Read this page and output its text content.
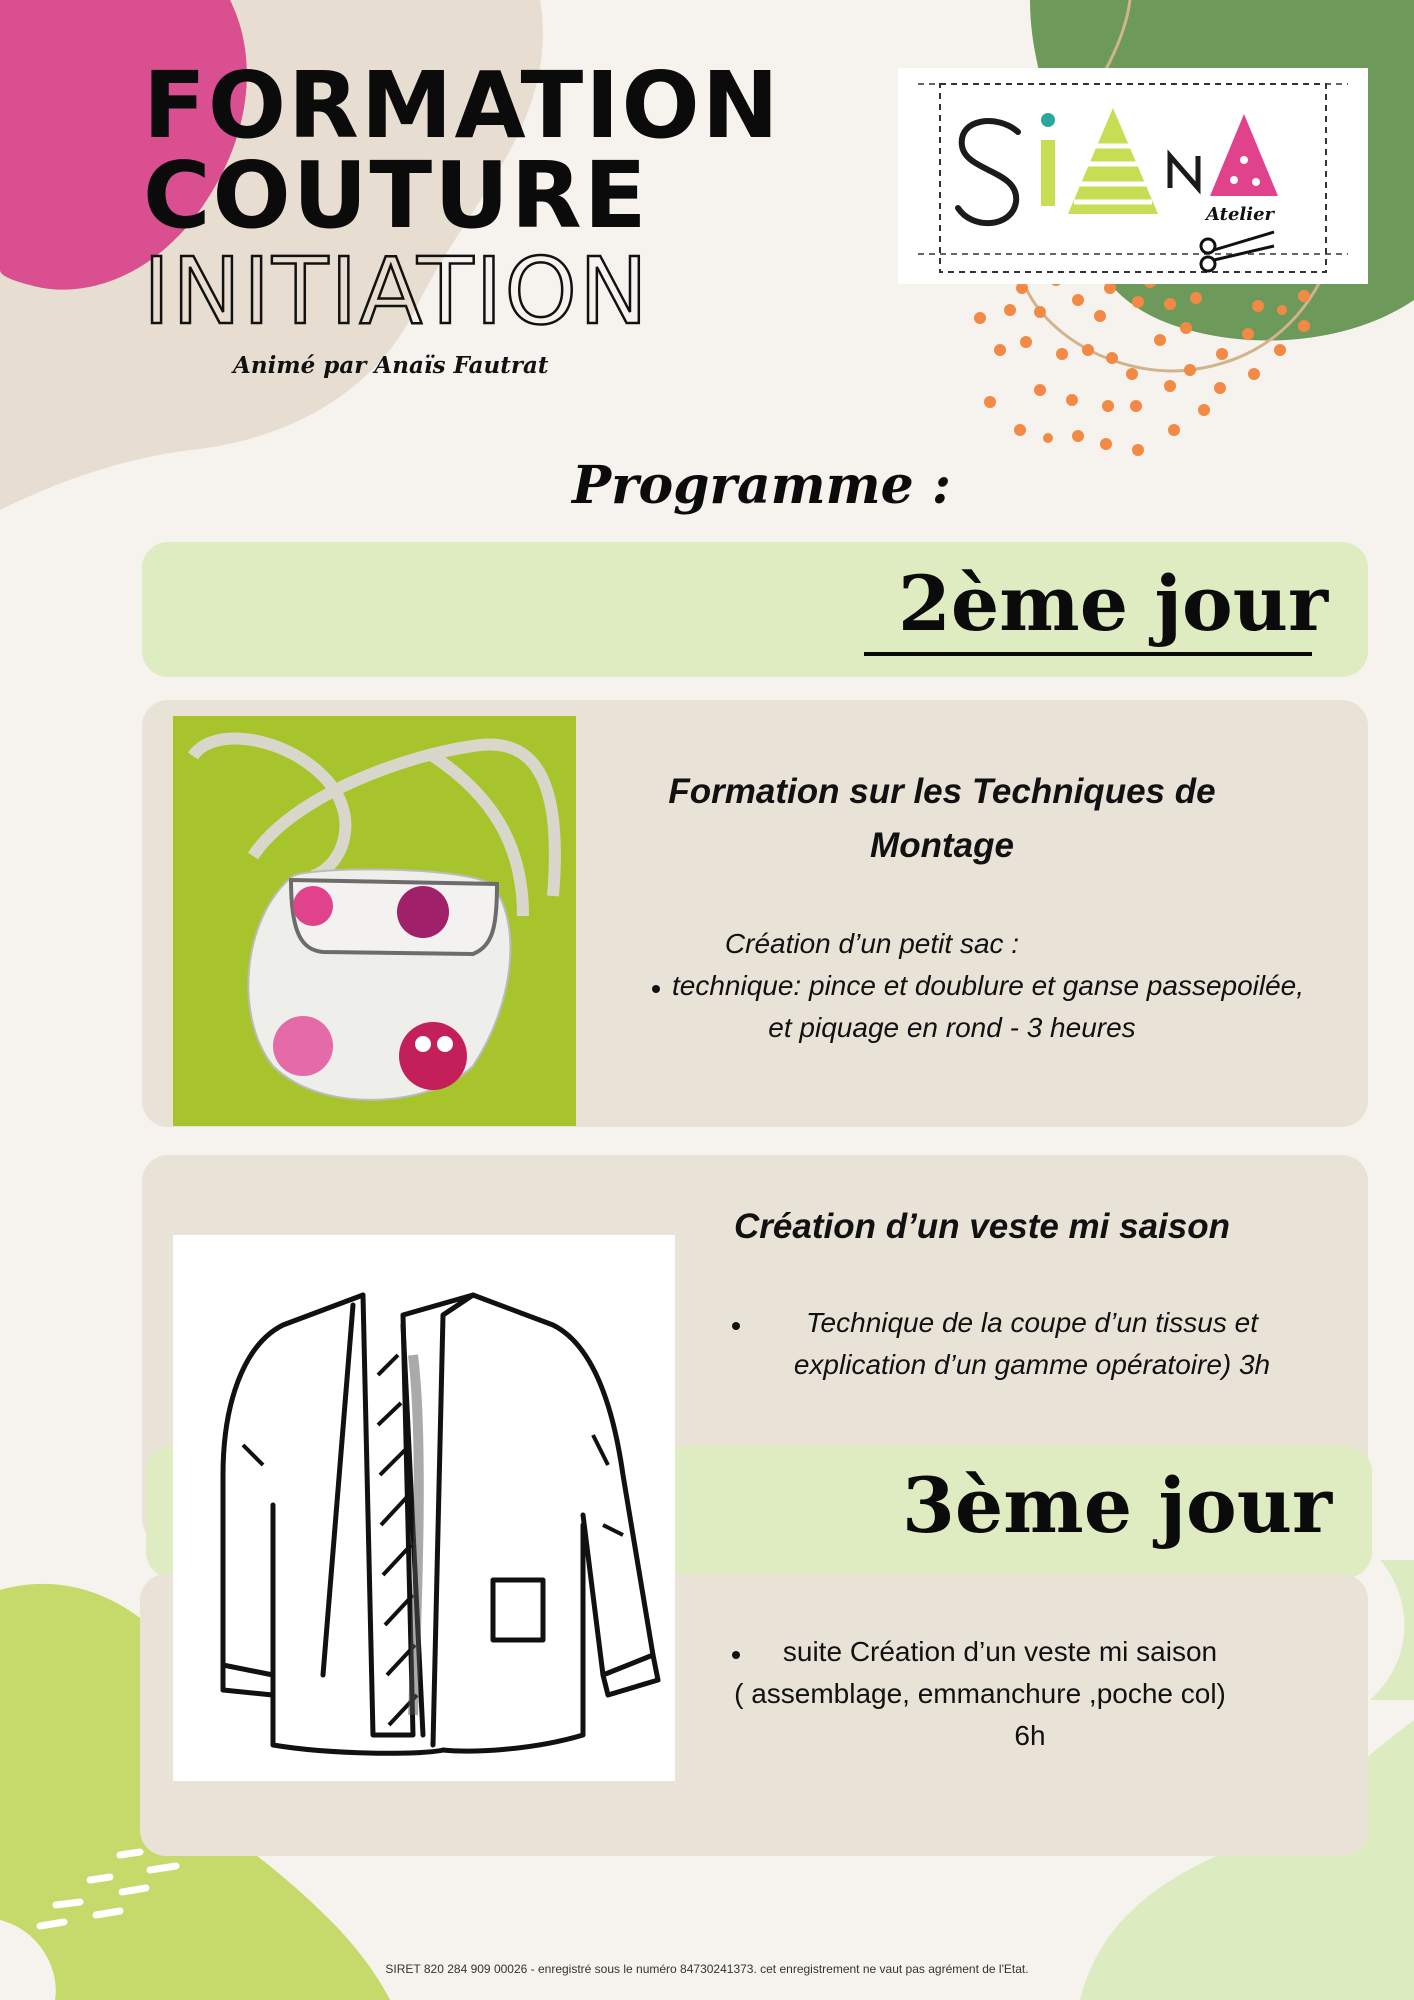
FORMATION
COUTURE
INITIATION
Animé par Anaïs Fautrat
Atelier
Programme :
2ème jour
Formation sur les Techniques de
Montage
Création d’un petit sac :
technique: pince et doublure et ganse passepoilée,
et piquage en rond - 3 heures
Création d’un veste mi saison
Technique de la coupe d’un tissus et
explication d’un gamme opératoire) 3h
3ème jour
suite Création d’un veste mi saison
( assemblage, emmanchure ,poche col)
6h
SIRET 820 284 909 00026 - enregistré sous le numéro 84730241373. cet enregistrement ne vaut pas agrément de l'Etat.
